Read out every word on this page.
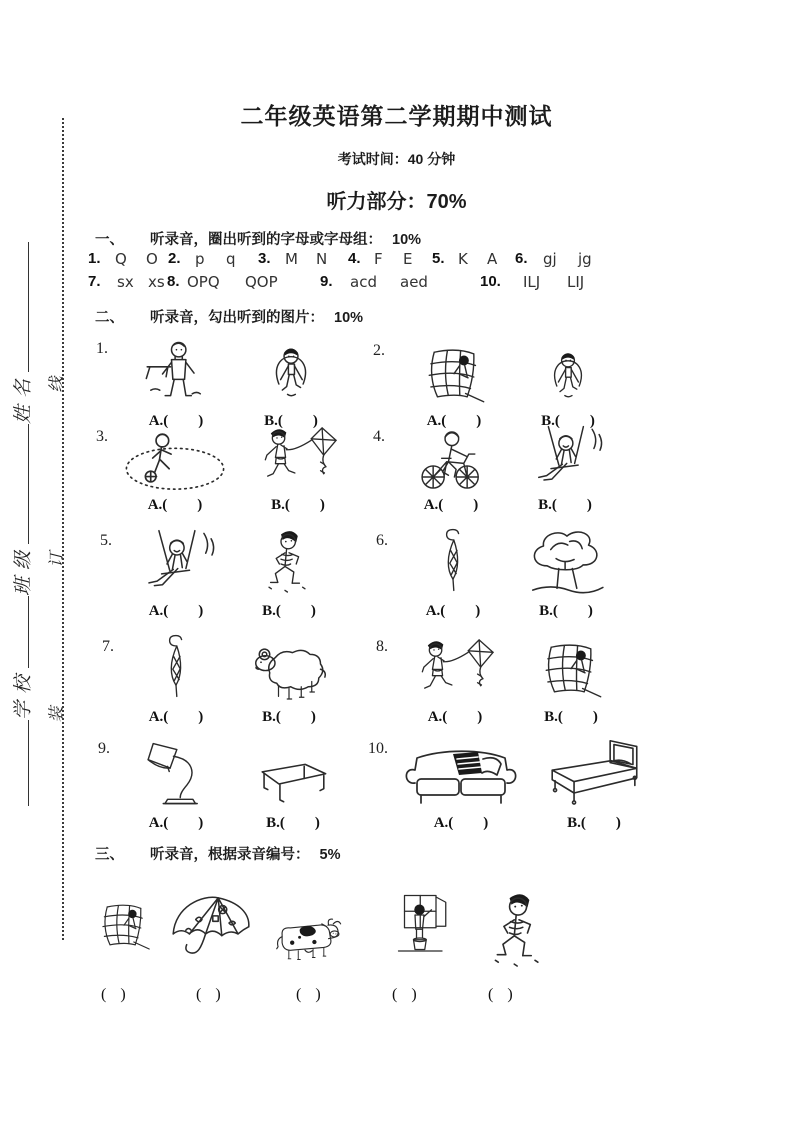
学校
班级
姓名 线
订
装
二年级英语第二学期期中测试
考试时间：40 分钟
听力部分：70%
一、 听录音，圈出听到的字母或字母组： 10%
1. Q	O 2. p	q 3. M	N 4. F	E 5. K	A 6.	gj	jg
7.	sx xs 8. OPQ	QOP	9.	acd	aed	10.	ILJ	LIJ
二、 听录音，勾出听到的图片： 10%
1.
A.( )	B.( )
2.
A.( )	B.( )
3.
A.( )	B.( )
4.
A.( )	B.( )
5.
A.( )	B.( )
6.
A.( )	B.( )
7.
A.( )	B.( )
8.
A.( )	B.( )
9.
A.( )	B.( )
10.
A.( )	B.( )
三、 听录音，根据录音编号： 5%
( )	( )	( )	( )	( )
